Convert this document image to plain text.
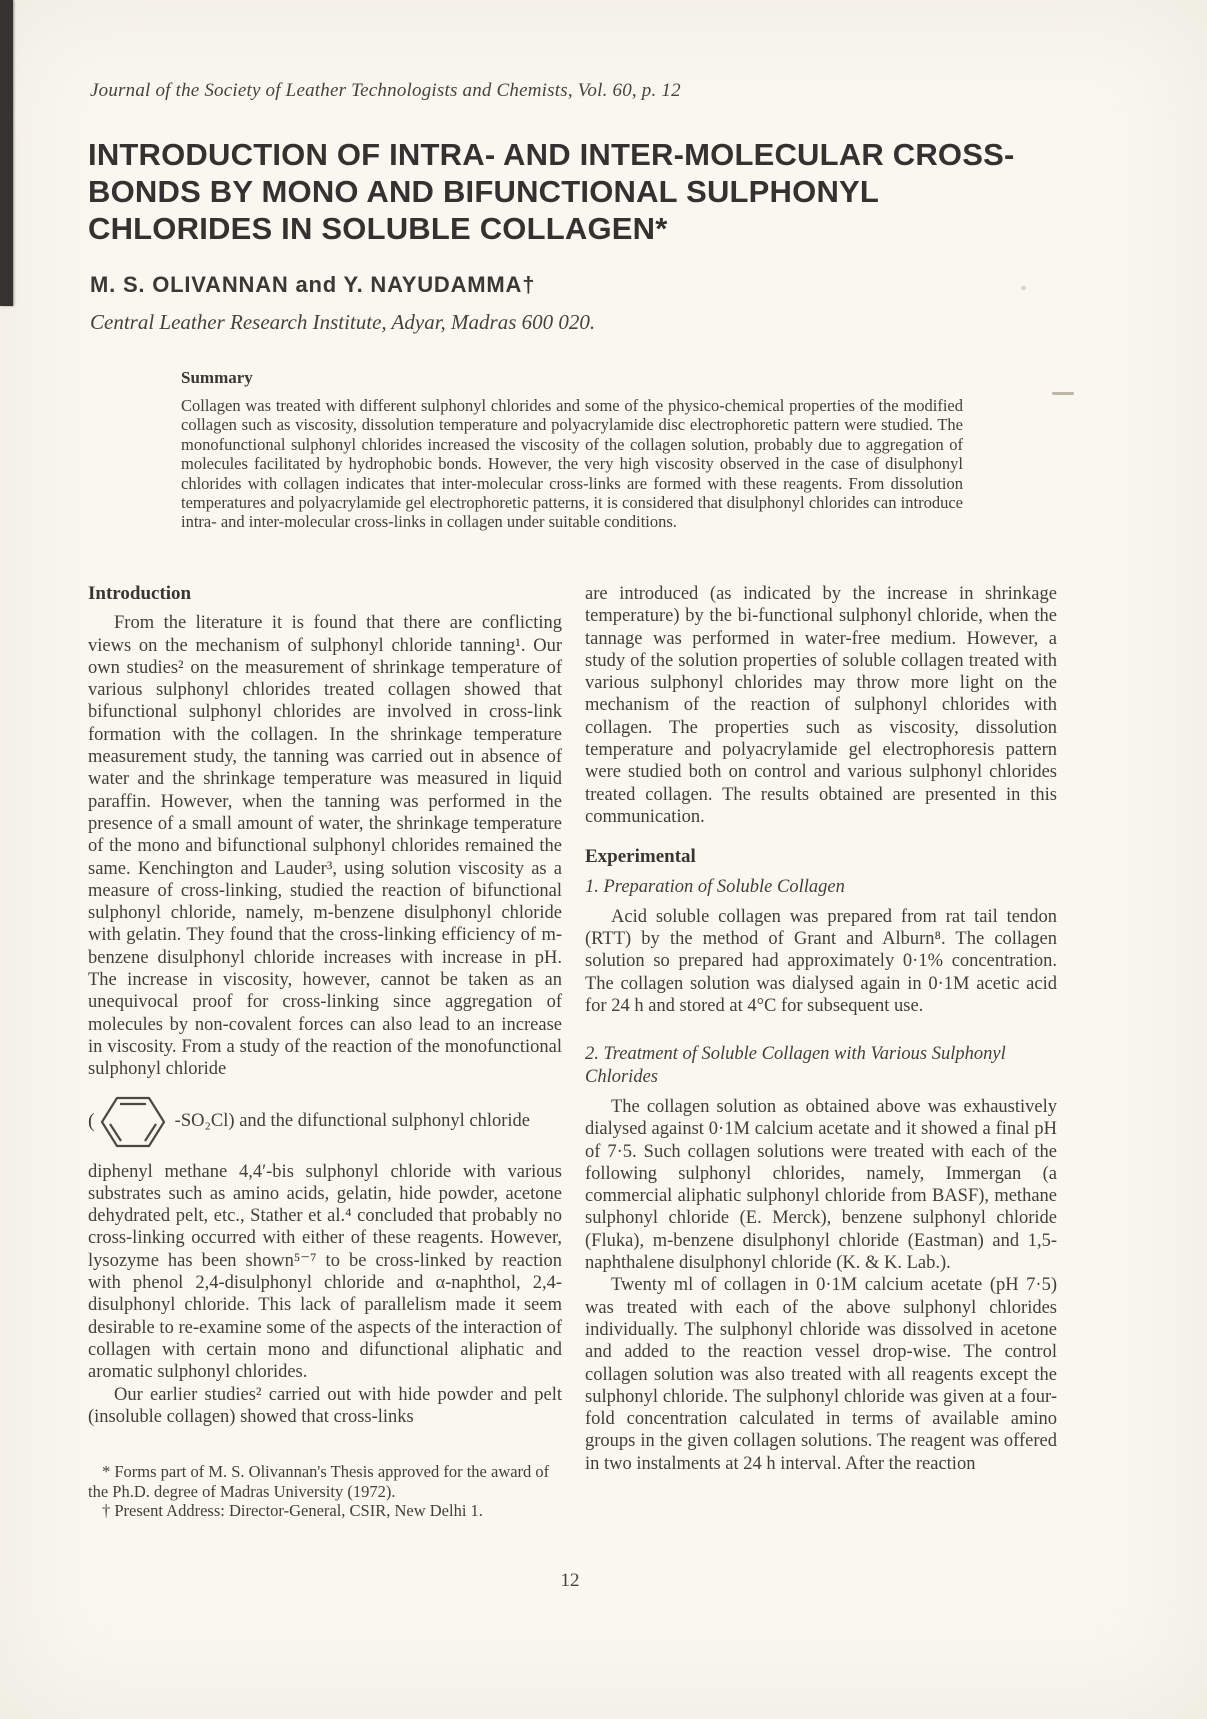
Journal of the Society of Leather Technologists and Chemists, Vol. 60, p. 12
INTRODUCTION OF INTRA- AND INTER-MOLECULAR CROSS-
BONDS BY MONO AND BIFUNCTIONAL SULPHONYL
CHLORIDES IN SOLUBLE COLLAGEN*
M. S. OLIVANNAN and Y. NAYUDAMMA†
Central Leather Research Institute, Adyar, Madras 600 020.

Summary

Collagen was treated with different sulphonyl chlorides and some of the physico-chemical properties of the modified collagen such as viscosity, dissolution temperature and polyacrylamide disc electrophoretic pattern were studied. The monofunctional sulphonyl chlorides increased the viscosity of the collagen solution, probably due to aggregation of molecules facilitated by hydrophobic bonds. However, the very high viscosity observed in the case of disulphonyl chlorides with collagen indicates that inter-molecular cross-links are formed with these reagents. From dissolution temperatures and polyacrylamide gel electrophoretic patterns, it is considered that disulphonyl chlorides can introduce intra- and inter-molecular cross-links in collagen under suitable conditions.

Introduction

From the literature it is found that there are conflicting views on the mechanism of sulphonyl chloride tanning¹. Our own studies² on the measurement of shrinkage temperature of various sulphonyl chlorides treated collagen showed that bifunctional sulphonyl chlorides are involved in cross-link formation with the collagen. In the shrinkage temperature measurement study, the tanning was carried out in absence of water and the shrinkage temperature was measured in liquid paraffin. However, when the tanning was performed in the presence of a small amount of water, the shrinkage temperature of the mono and bifunctional sulphonyl chlorides remained the same. Kenchington and Lauder³, using solution viscosity as a measure of cross-linking, studied the reaction of bifunctional sulphonyl chloride, namely, m-benzene disulphonyl chloride with gelatin. They found that the cross-linking efficiency of m-benzene disulphonyl chloride increases with increase in pH. The increase in viscosity, however, cannot be taken as an unequivocal proof for cross-linking since aggregation of molecules by non-covalent forces can also lead to an increase in viscosity. From a study of the reaction of the monofunctional sulphonyl chloride

(	-SO₂Cl) and the difunctional sulphonyl chloride

diphenyl methane 4,4′-bis sulphonyl chloride with various substrates such as amino acids, gelatin, hide powder, acetone dehydrated pelt, etc., Stather et al.⁴ concluded that probably no cross-linking occurred with either of these reagents. However, lysozyme has been shown⁵⁻⁷ to be cross-linked by reaction with phenol 2,4-disulphonyl chloride and α-naphthol, 2,4-disulphonyl chloride. This lack of parallelism made it seem desirable to re-examine some of the aspects of the interaction of collagen with certain mono and difunctional aliphatic and aromatic sulphonyl chlorides.

Our earlier studies² carried out with hide powder and pelt (insoluble collagen) showed that cross-links

* Forms part of M. S. Olivannan's Thesis approved for the award of the Ph.D. degree of Madras University (1972).

† Present Address: Director-General, CSIR, New Delhi 1.

are introduced (as indicated by the increase in shrinkage temperature) by the bi-functional sulphonyl chloride, when the tannage was performed in water-free medium. However, a study of the solution properties of soluble collagen treated with various sulphonyl chlorides may throw more light on the mechanism of the reaction of sulphonyl chlorides with collagen. The properties such as viscosity, dissolution temperature and polyacrylamide gel electrophoresis pattern were studied both on control and various sulphonyl chlorides treated collagen. The results obtained are presented in this communication.

Experimental

1. Preparation of Soluble Collagen

Acid soluble collagen was prepared from rat tail tendon (RTT) by the method of Grant and Alburn⁸. The collagen solution so prepared had approximately 0·1% concentration. The collagen solution was dialysed again in 0·1M acetic acid for 24 h and stored at 4°C for subsequent use.

2. Treatment of Soluble Collagen with Various Sulphonyl Chlorides

The collagen solution as obtained above was exhaustively dialysed against 0·1M calcium acetate and it showed a final pH of 7·5. Such collagen solutions were treated with each of the following sulphonyl chlorides, namely, Immergan (a commercial aliphatic sulphonyl chloride from BASF), methane sulphonyl chloride (E. Merck), benzene sulphonyl chloride (Fluka), m-benzene disulphonyl chloride (Eastman) and 1,5-naphthalene disulphonyl chloride (K. & K. Lab.).

Twenty ml of collagen in 0·1M calcium acetate (pH 7·5) was treated with each of the above sulphonyl chlorides individually. The sulphonyl chloride was dissolved in acetone and added to the reaction vessel drop-wise. The control collagen solution was also treated with all reagents except the sulphonyl chloride. The sulphonyl chloride was given at a four-fold concentration calculated in terms of available amino groups in the given collagen solutions. The reagent was offered in two instalments at 24 h interval. After the reaction

12
